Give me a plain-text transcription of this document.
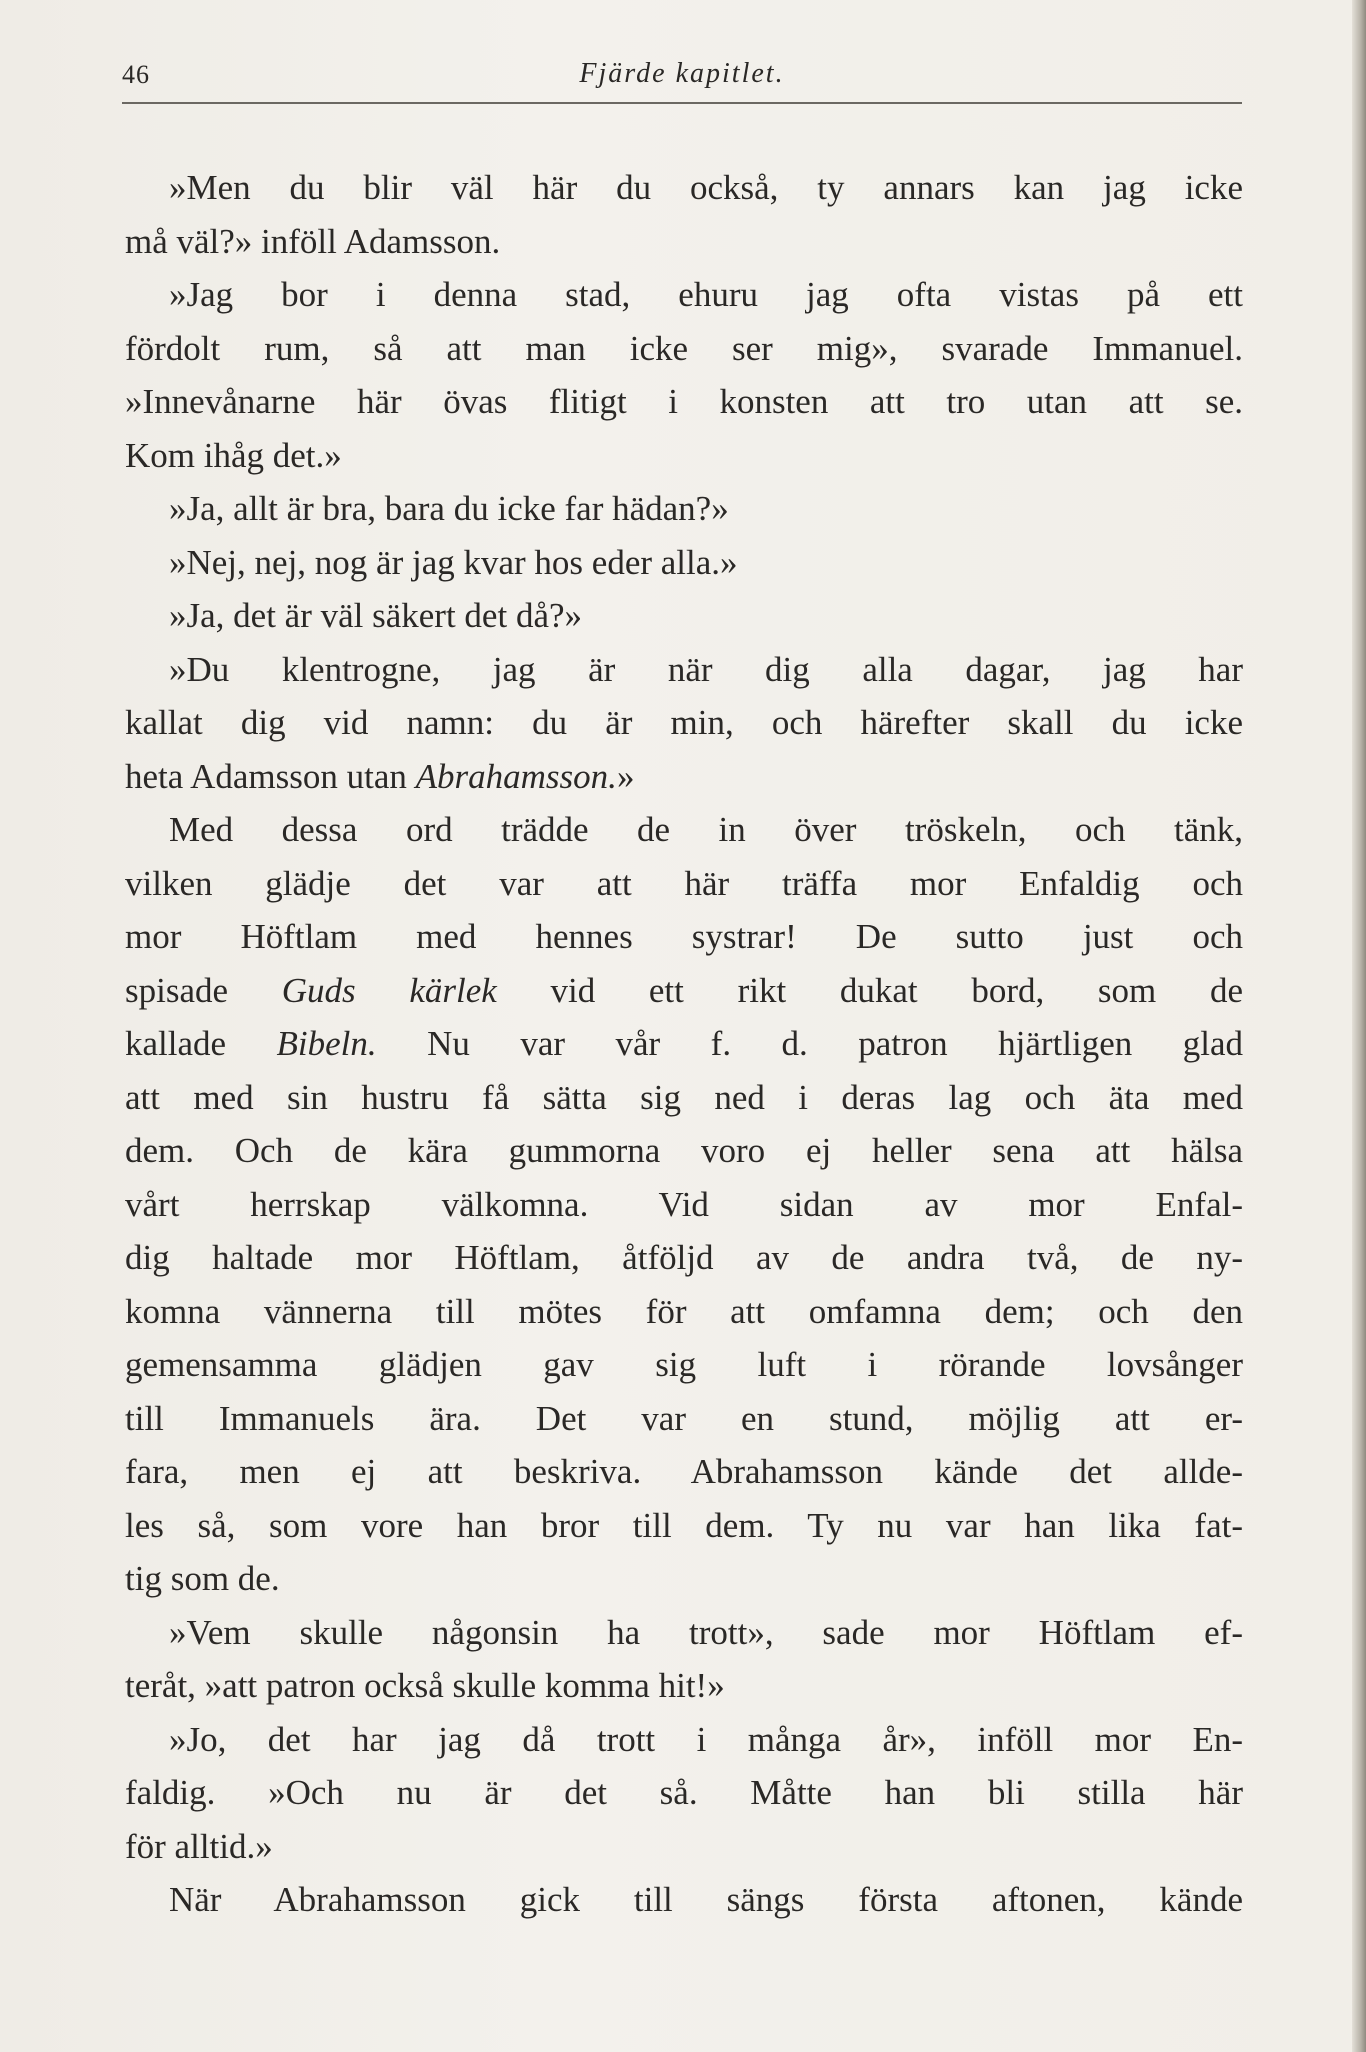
46	Fjärde kapitlet.
»Men du blir väl här du också, ty annars kan jag icke
må väl?» inföll Adamsson.
»Jag bor i denna stad, ehuru jag ofta vistas på ett
fördolt rum, så att man icke ser mig», svarade Immanuel.
»Innevånarne här övas flitigt i konsten att tro utan att se.
Kom ihåg det.»
»Ja, allt är bra, bara du icke far hädan?»
»Nej, nej, nog är jag kvar hos eder alla.»
»Ja, det är väl säkert det då?»
»Du klentrogne, jag är när dig alla dagar, jag har
kallat dig vid namn: du är min, och härefter skall du icke
heta Adamsson utan Abrahamsson.»
Med dessa ord trädde de in över tröskeln, och tänk,
vilken glädje det var att här träffa mor Enfaldig och
mor Höftlam med hennes systrar! De sutto just och
spisade Guds kärlek vid ett rikt dukat bord, som de
kallade Bibeln. Nu var vår f. d. patron hjärtligen glad
att med sin hustru få sätta sig ned i deras lag och äta med
dem. Och de kära gummorna voro ej heller sena att hälsa
vårt herrskap välkomna. Vid sidan av mor Enfal-
dig haltade mor Höftlam, åtföljd av de andra två, de ny-
komna vännerna till mötes för att omfamna dem; och den
gemensamma glädjen gav sig luft i rörande lovsånger
till Immanuels ära. Det var en stund, möjlig att er-
fara, men ej att beskriva. Abrahamsson kände det allde-
les så, som vore han bror till dem. Ty nu var han lika fat-
tig som de.
»Vem skulle någonsin ha trott», sade mor Höftlam ef-
teråt, »att patron också skulle komma hit!»
»Jo, det har jag då trott i många år», inföll mor En-
faldig. »Och nu är det så. Måtte han bli stilla här
för alltid.»
När Abrahamsson gick till sängs första aftonen, kände
